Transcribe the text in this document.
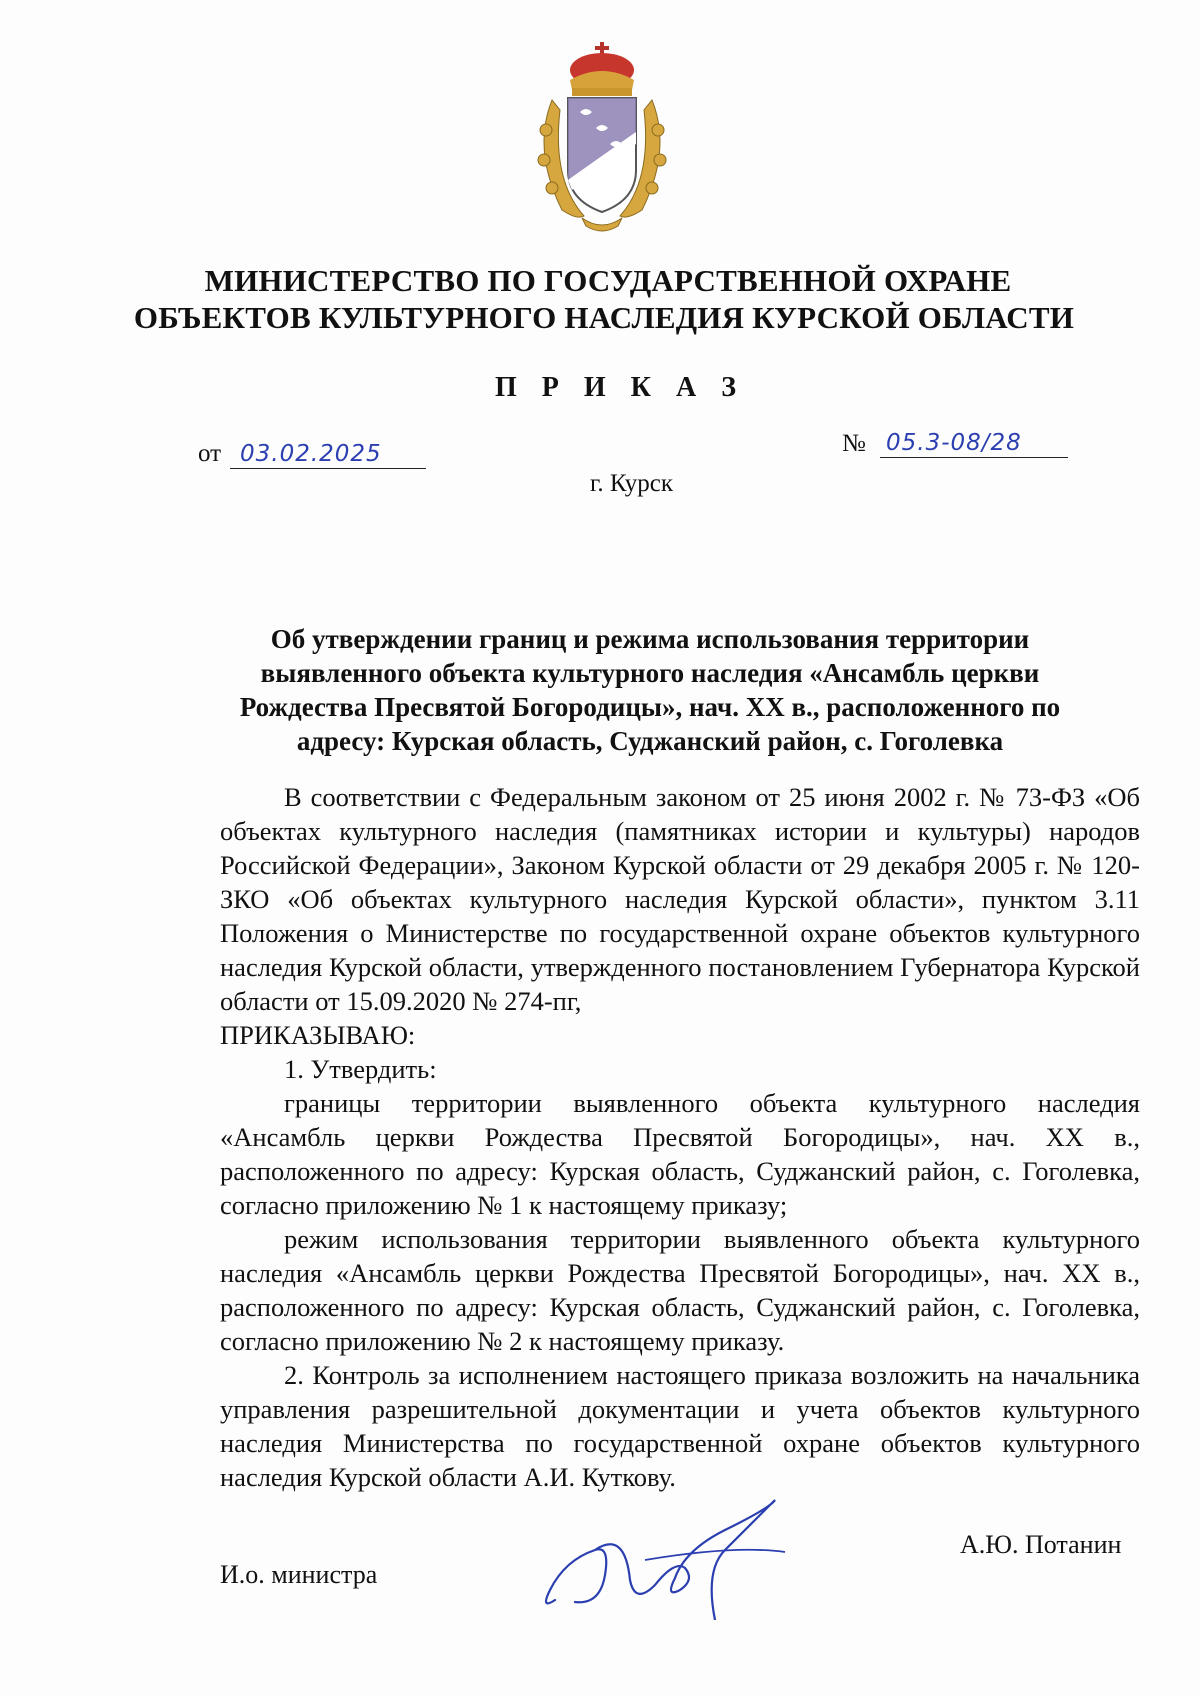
МИНИСТЕРСТВО ПО ГОСУДАРСТВЕННОЙ ОХРАНЕ
ОБЪЕКТОВ КУЛЬТУРНОГО НАСЛЕДИЯ КУРСКОЙ ОБЛАСТИ
П Р И К А З
от 03.02.2025	№ 05.3-08/28
г. Курск
Об утверждении границ и режима использования территории
выявленного объекта культурного наследия «Ансамбль церкви
Рождества Пресвятой Богородицы», нач. XX в., расположенного по
адресу: Курская область, Суджанский район, с. Гоголевка

В соответствии с Федеральным законом от 25 июня 2002 г. № 73-ФЗ «Об объектах культурного наследия (памятниках истории и культуры) народов Российской Федерации», Законом Курской области от 29 декабря 2005 г. № 120-ЗКО «Об объектах культурного наследия Курской области», пунктом 3.11 Положения о Министерстве по государственной охране объектов культурного наследия Курской области, утвержденного постановлением Губернатора Курской области от 15.09.2020 № 274-пг,

ПРИКАЗЫВАЮ:

1. Утвердить:

границы территории выявленного объекта культурного наследия «Ансамбль церкви Рождества Пресвятой Богородицы», нач. XX в., расположенного по адресу: Курская область, Суджанский район, с. Гоголевка, согласно приложению № 1 к настоящему приказу;

режим использования территории выявленного объекта культурного наследия «Ансамбль церкви Рождества Пресвятой Богородицы», нач. XX в., расположенного по адресу: Курская область, Суджанский район, с. Гоголевка, согласно приложению № 2 к настоящему приказу.

2. Контроль за исполнением настоящего приказа возложить на начальника управления разрешительной документации и учета объектов культурного наследия Министерства по государственной охране объектов культурного наследия Курской области А.И. Куткову.

И.о. министра
А.Ю. Потанин
